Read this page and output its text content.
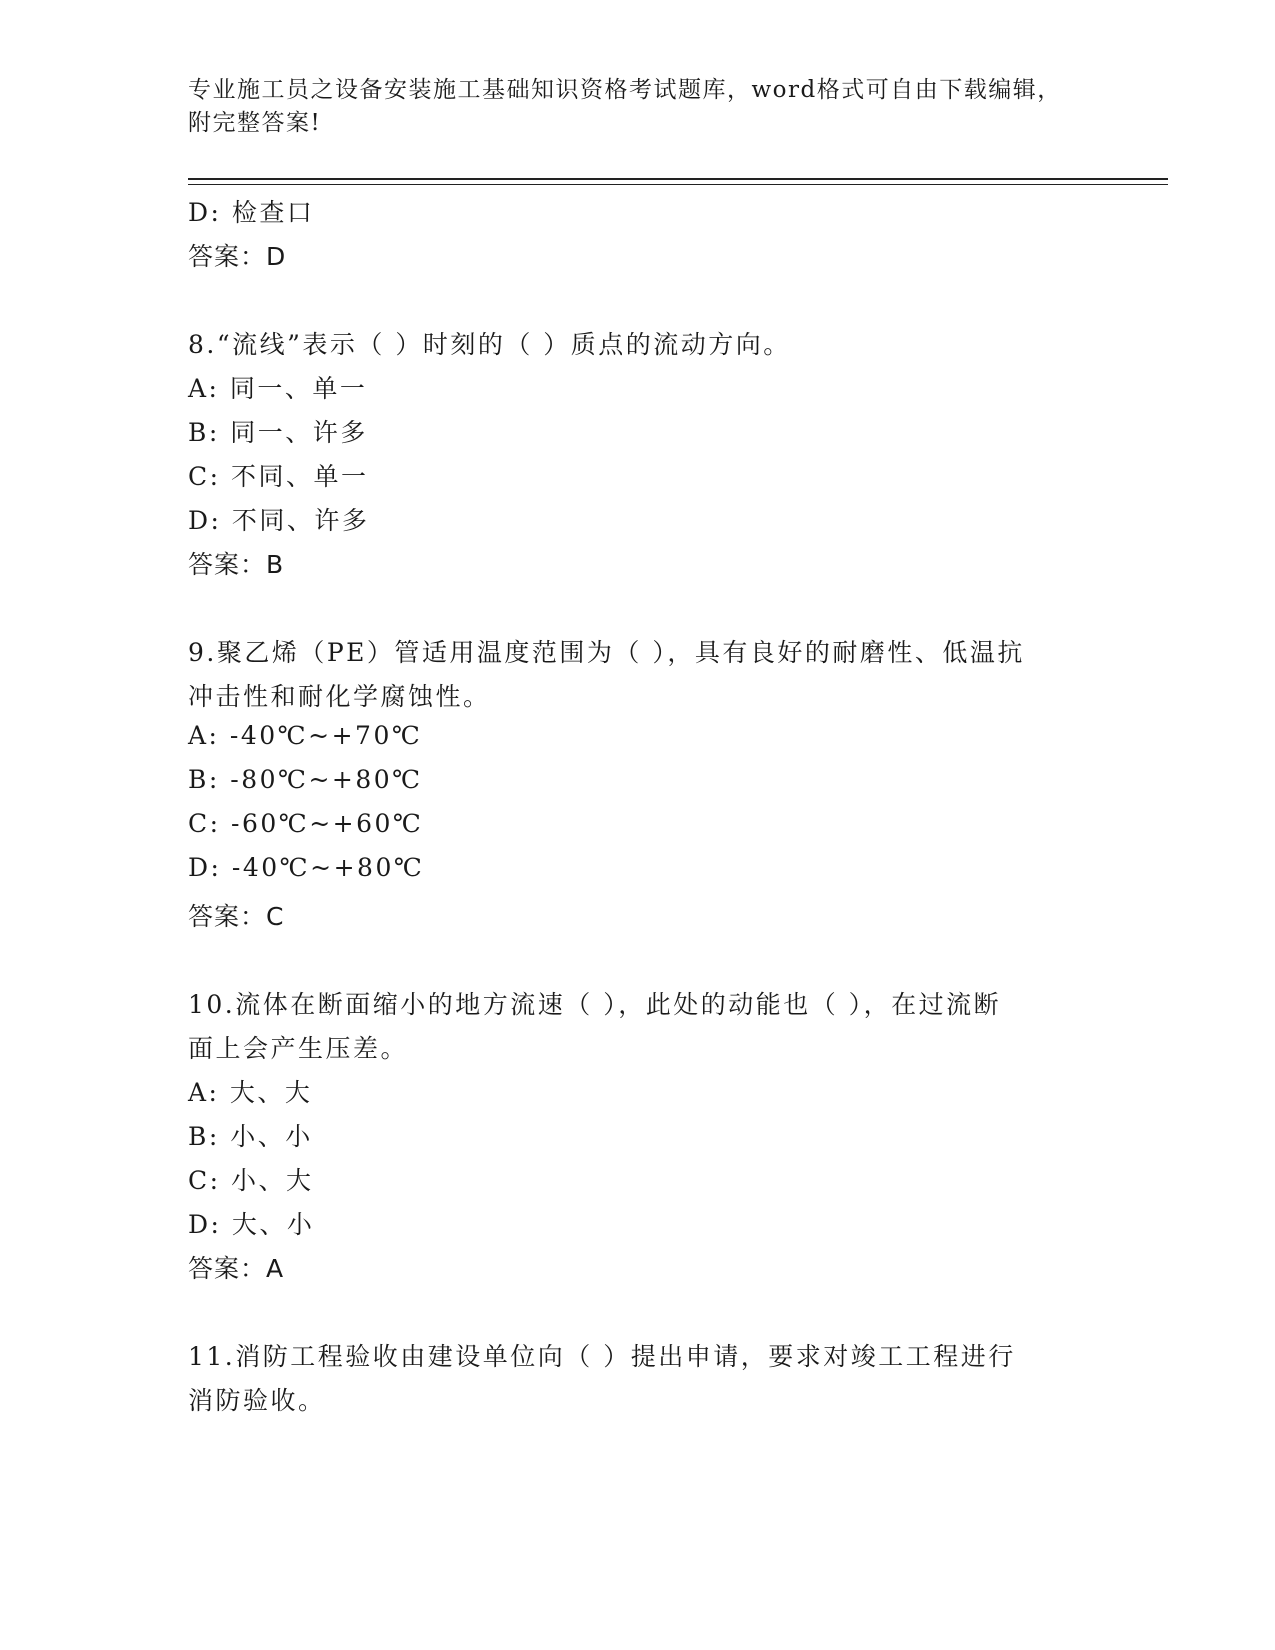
专业施工员之设备安装施工基础知识资格考试题库，word格式可自由下载编辑，
附完整答案!
D: 检查口
答案：D
8.“流线”表示（ ）时刻的（ ）质点的流动方向。
A: 同一、单一
B: 同一、许多
C: 不同、单一
D: 不同、许多
答案：B
9.聚乙烯（PE）管适用温度范围为（ ），具有良好的耐磨性、低温抗
冲击性和耐化学腐蚀性。
A: -40℃~+70℃
B: -80℃~+80℃
C: -60℃~+60℃
D: -40℃~+80℃
答案：C
10.流体在断面缩小的地方流速（ ），此处的动能也（ ），在过流断
面上会产生压差。
A: 大、大
B: 小、小
C: 小、大
D: 大、小
答案：A
11.消防工程验收由建设单位向（ ）提出申请，要求对竣工工程进行
消防验收。
